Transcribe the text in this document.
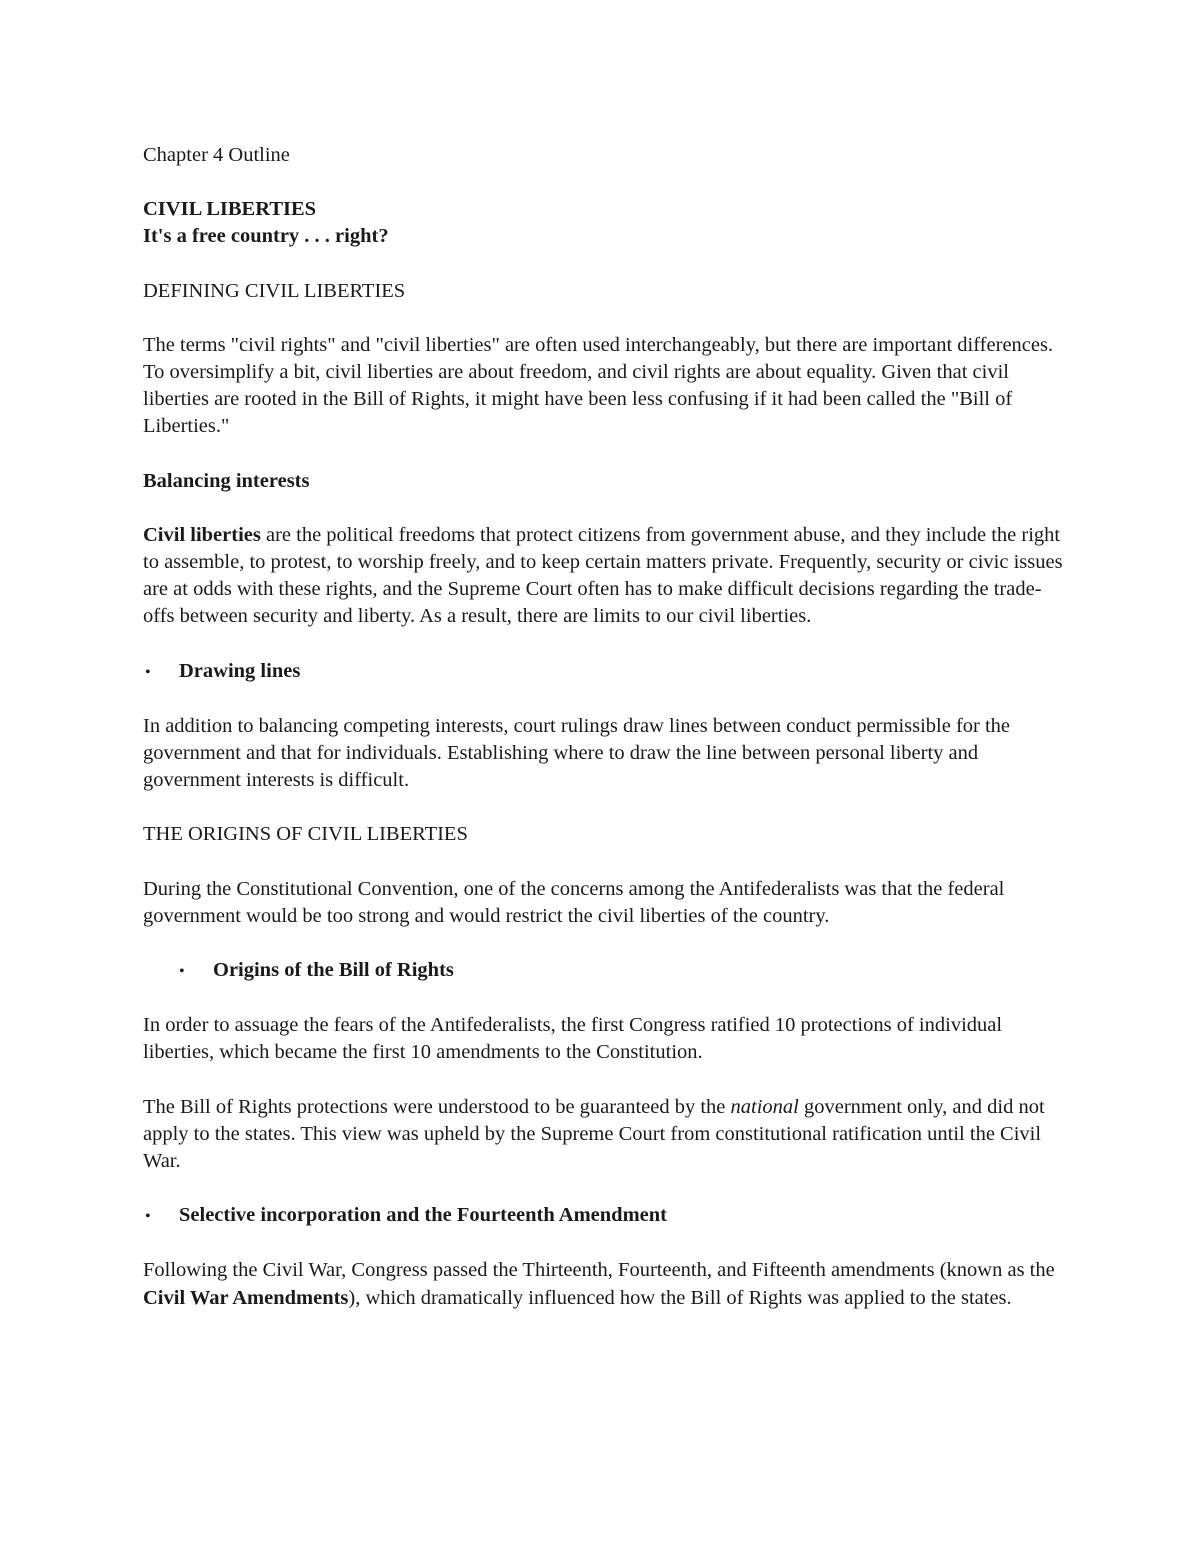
Chapter 4 Outline

CIVIL LIBERTIES

It's a free country . . . right?

DEFINING CIVIL LIBERTIES

The terms "civil rights" and "civil liberties" are often used interchangeably, but there are important differences. To oversimplify a bit, civil liberties are about freedom, and civil rights are about equality. Given that civil liberties are rooted in the Bill of Rights, it might have been less confusing if it had been called the "Bill of Liberties."

Balancing interests

Civil liberties are the political freedoms that protect citizens from government abuse, and they include the right to assemble, to protest, to worship freely, and to keep certain matters private. Frequently, security or civic issues are at odds with these rights, and the Supreme Court often has to make difficult decisions regarding the trade-offs between security and liberty. As a result, there are limits to our civil liberties.

•	Drawing lines

In addition to balancing competing interests, court rulings draw lines between conduct permissible for the government and that for individuals. Establishing where to draw the line between personal liberty and government interests is difficult.

THE ORIGINS OF CIVIL LIBERTIES

During the Constitutional Convention, one of the concerns among the Antifederalists was that the federal government would be too strong and would restrict the civil liberties of the country.

•	Origins of the Bill of Rights

In order to assuage the fears of the Antifederalists, the first Congress ratified 10 protections of individual liberties, which became the first 10 amendments to the Constitution.

The Bill of Rights protections were understood to be guaranteed by the national government only, and did not apply to the states. This view was upheld by the Supreme Court from constitutional ratification until the Civil War.

•	Selective incorporation and the Fourteenth Amendment

Following the Civil War, Congress passed the Thirteenth, Fourteenth, and Fifteenth amendments (known as the Civil War Amendments), which dramatically influenced how the Bill of Rights was applied to the states.
